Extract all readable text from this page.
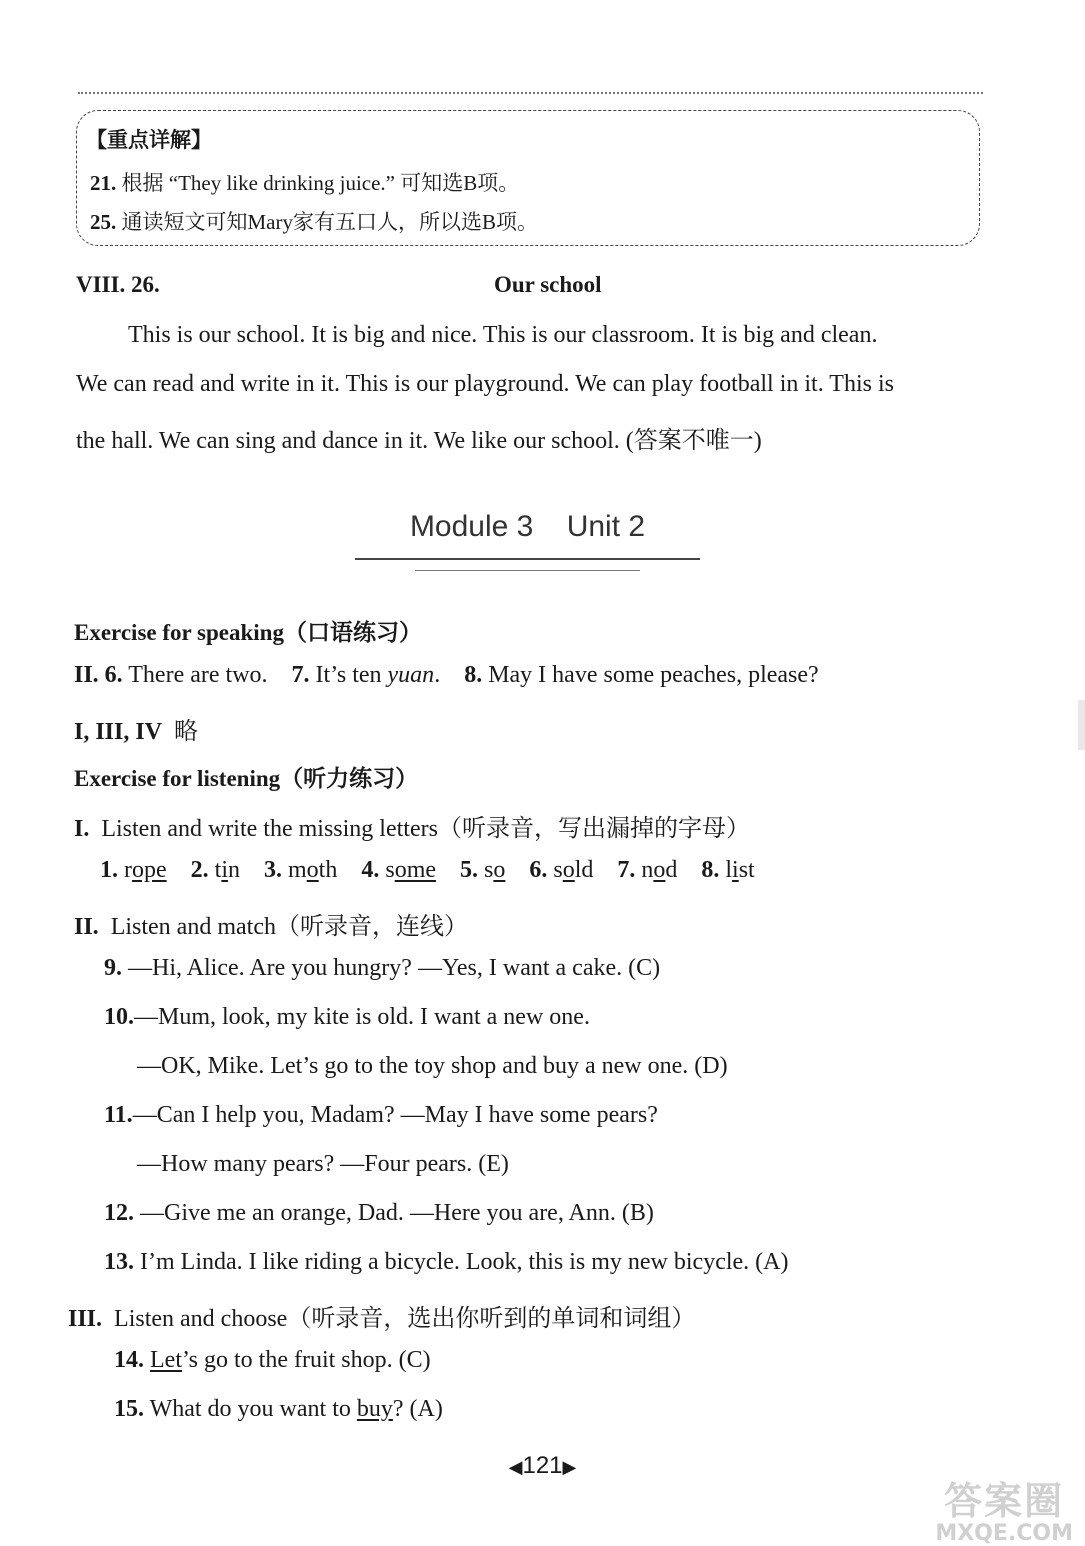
【重点详解】
21. 根据 “They like drinking juice.” 可知选B项。
25. 通读短文可知Mary家有五口人，所以选B项。
VIII. 26.	Our school
This is our school. It is big and nice. This is our classroom. It is big and clean.
We can read and write in it. This is our playground. We can play football in it. This is
the hall. We can sing and dance in it. We like our school. (答案不唯一)
Module 3    Unit 2
Exercise for speaking（口语练习）
II. 6. There are two. 7. It’s ten yuan. 8. May I have some peaches, please?
I, III, IV 略
Exercise for listening（听力练习）
I. Listen and write the missing letters（听录音，写出漏掉的字母）
1. rope 2. tin 3. moth 4. some 5. so 6. sold 7. nod 8. list
II. Listen and match（听录音，连线）
9. —Hi, Alice. Are you hungry? —Yes, I want a cake. (C)
10.—Mum, look, my kite is old. I want a new one.
—OK, Mike. Let’s go to the toy shop and buy a new one. (D)
11.—Can I help you, Madam? —May I have some pears?
—How many pears? —Four pears. (E)
12. —Give me an orange, Dad. —Here you are, Ann. (B)
13. I’m Linda. I like riding a bicycle. Look, this is my new bicycle. (A)
III. Listen and choose（听录音，选出你听到的单词和词组）
14. Let’s go to the fruit shop. (C)
15. What do you want to buy? (A)
◀121▶
答案圈
MXQE.COM
